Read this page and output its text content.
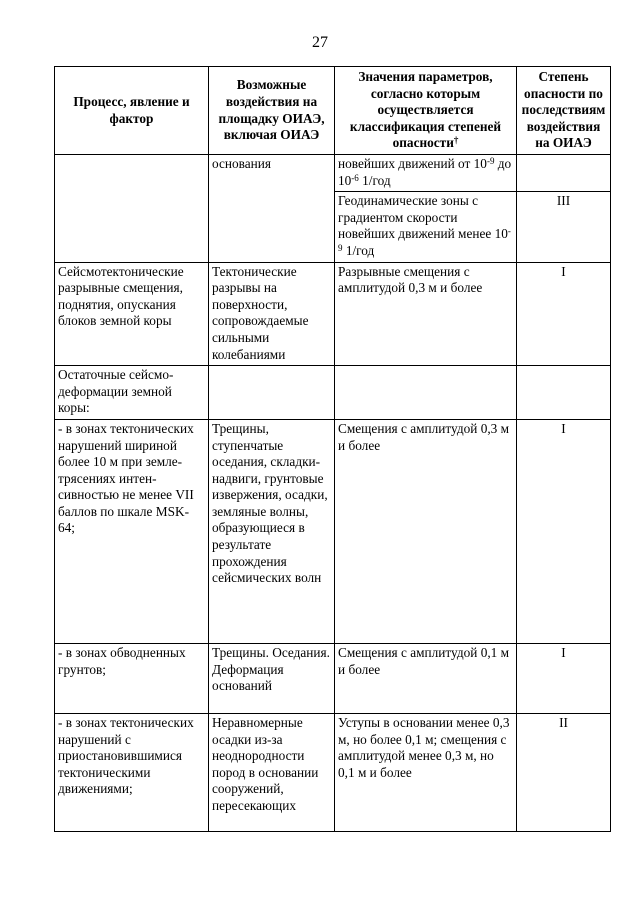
27
Процесс, явление и фактор	Возможные воздействия на площадку ОИАЭ, включая ОИАЭ	Значения параметров, согласно которым осуществляется классификация степеней опасности†	Степень опасности по последствиям воздействия на ОИАЭ
	основания	новейших движений от $10^{-9}$ до $10^{-6}$ 1/год	
		Геодинамические зоны с градиентом скорости новейших движений менее $10^{-9}$ 1/год	III
Сейсмотектонические разрывные смещения, поднятия, опускания блоков земной коры	Тектонические разрывы на поверхности, сопровождаемые сильными колебаниями	Разрывные смещения с амплитудой 0,3 м и более	I
Остаточные сейсмо-деформации земной коры:			
- в зонах тектонических нарушений шириной более 10 м при земле-трясениях интен-сивностью не менее VII баллов по шкале MSK-64;	Трещины, ступенчатые оседания, складки-надвиги, грунтовые извержения, осадки, земляные волны, образующиеся в результате прохождения сейсмических волн	Смещения с амплитудой 0,3 м и более	I
- в зонах обводненных грунтов;	Трещины. Оседания. Деформация оснований	Смещения с амплитудой 0,1 м и более	I
- в зонах тектонических нарушений с приостановившимися тектоническими движениями;	Неравномерные осадки из-за неоднородности пород в основании сооружений, пересекающих	Уступы в основании менее 0,3 м, но более 0,1 м; смещения с амплитудой менее 0,3 м, но 0,1 м и более	II
